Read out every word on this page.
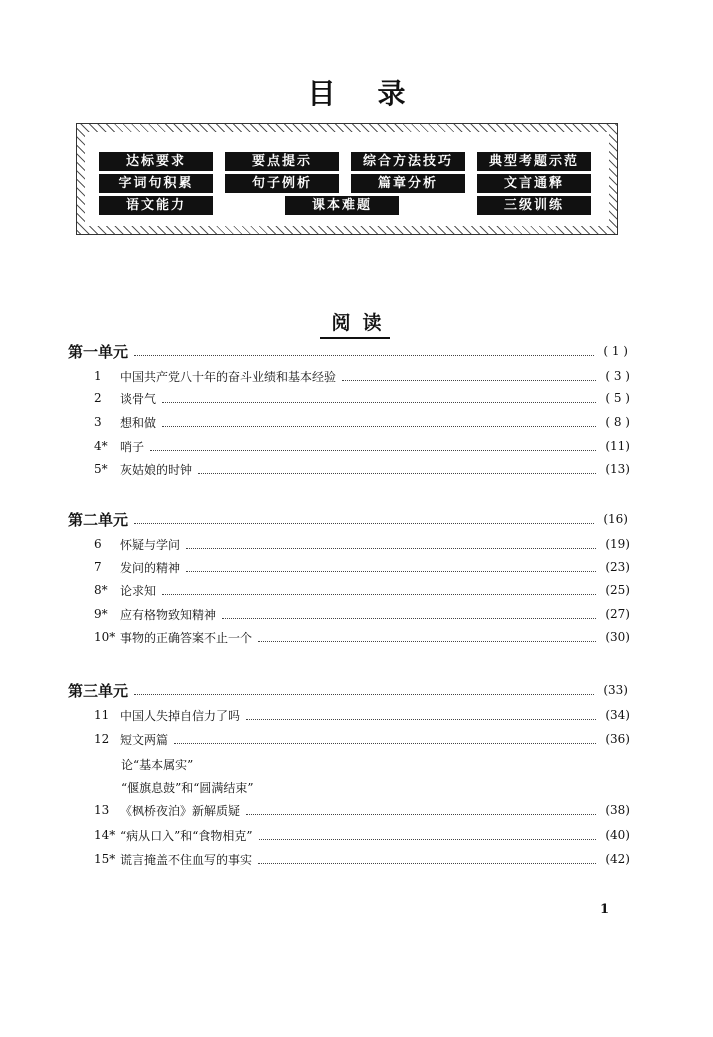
目录
达标要求	要点提示	综合方法技巧	典型考题示范
字词句积累	句子例析	篇章分析	文言通释
语文能力	课本难题	三级训练
阅读
第一单元	( 1 )
1	中国共产党八十年的奋斗业绩和基本经验	( 3 )
2	谈骨气	( 5 )
3	想和做	( 8 )
4*	哨子	(11)
5*	灰姑娘的时钟	(13)
第二单元	(16)
6	怀疑与学问	(19)
7	发问的精神	(23)
8*	论求知	(25)
9*	应有格物致知精神	(27)
10* 事物的正确答案不止一个	(30)
第三单元	(33)
11 中国人失掉自信力了吗	(34)
12 短文两篇	(36)
论“基本属实”
“偃旗息鼓”和“圆满结束”
13 《枫桥夜泊》新解质疑	(38)
14* “病从口入”和“食物相克”	(40)
15* 谎言掩盖不住血写的事实	(42)
1
